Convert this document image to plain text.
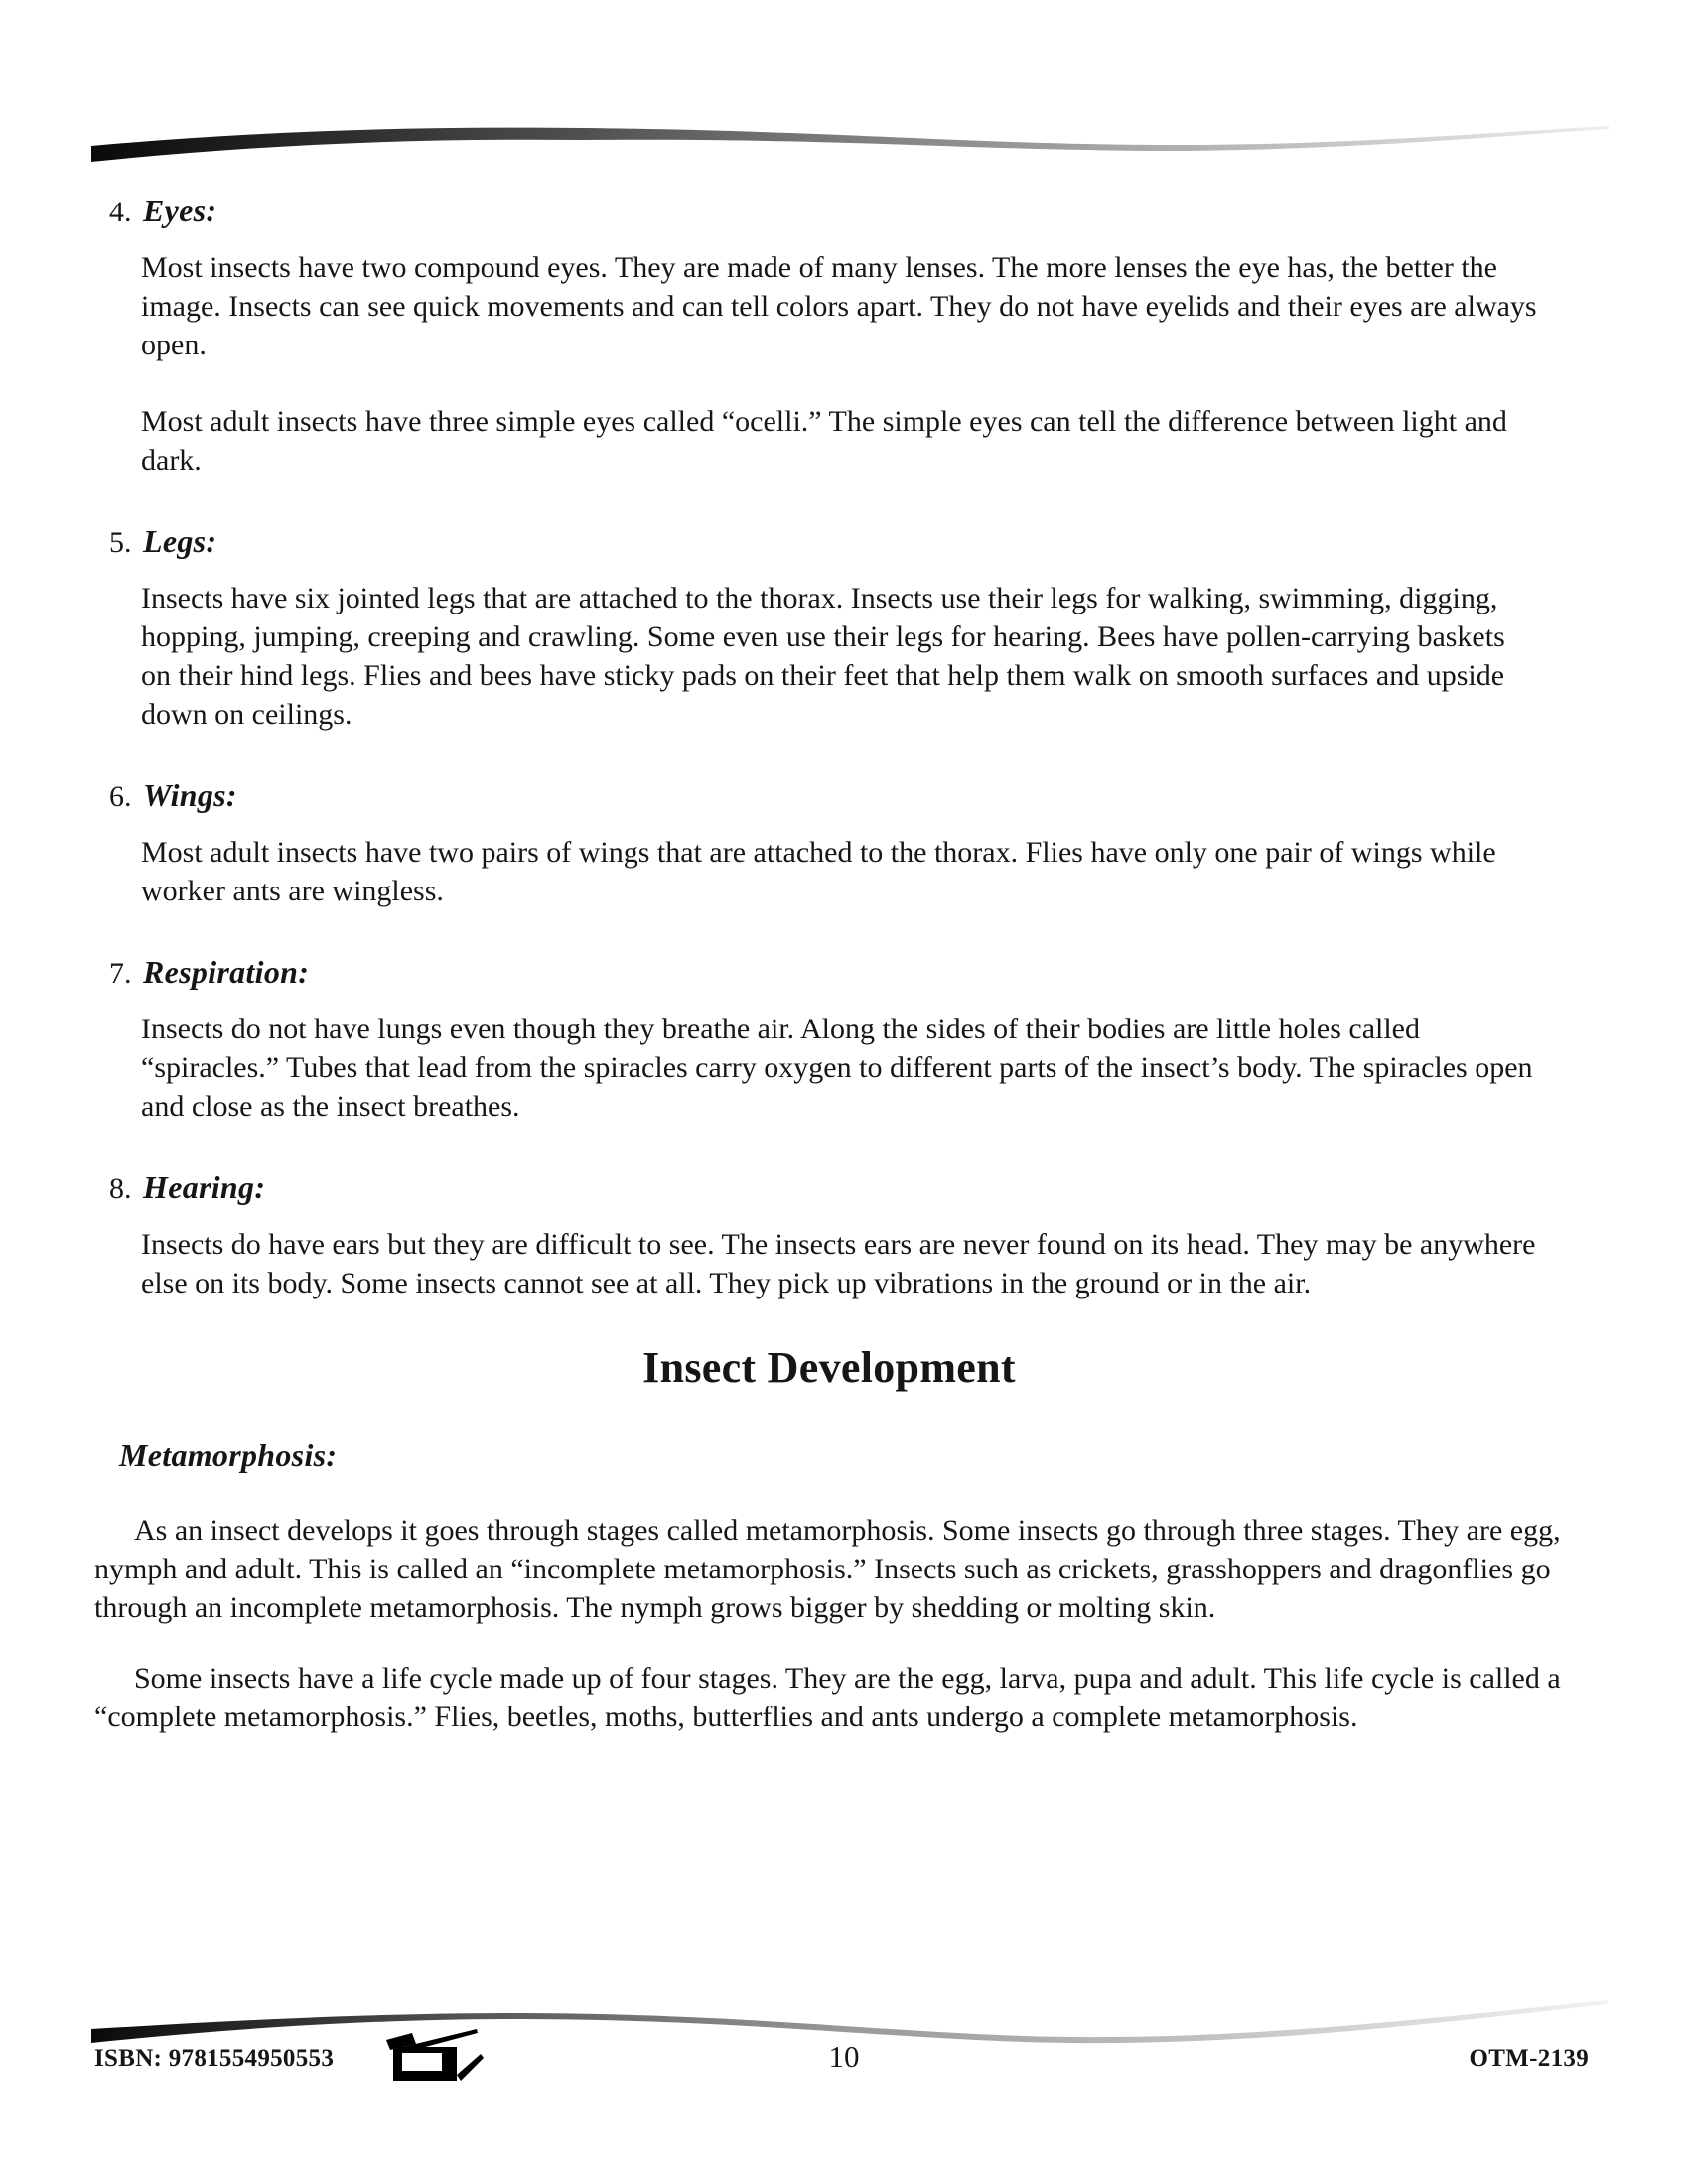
4. Eyes:

Most insects have two compound eyes. They are made of many lenses. The more lenses the eye has, the better the image. Insects can see quick movements and can tell colors apart. They do not have eyelids and their eyes are always open.

Most adult insects have three simple eyes called “ocelli.” The simple eyes can tell the difference between light and dark.

5. Legs:

Insects have six jointed legs that are attached to the thorax. Insects use their legs for walking, swimming, digging, hopping, jumping, creeping and crawling. Some even use their legs for hearing. Bees have pollen-carrying baskets on their hind legs. Flies and bees have sticky pads on their feet that help them walk on smooth surfaces and upside down on ceilings.

6. Wings:

Most adult insects have two pairs of wings that are attached to the thorax. Flies have only one pair of wings while worker ants are wingless.

7. Respiration:

Insects do not have lungs even though they breathe air. Along the sides of their bodies are little holes called “spiracles.” Tubes that lead from the spiracles carry oxygen to different parts of the insect’s body. The spiracles open and close as the insect breathes.

8. Hearing:

Insects do have ears but they are difficult to see. The insects ears are never found on its head. They may be anywhere else on its body. Some insects cannot see at all. They pick up vibrations in the ground or in the air.

Insect Development
Metamorphosis:

As an insect develops it goes through stages called metamorphosis. Some insects go through three stages. They are egg, nymph and adult. This is called an “incomplete metamorphosis.” Insects such as crickets, grasshoppers and dragonflies go through an incomplete metamorphosis. The nymph grows bigger by shedding or molting skin.

Some insects have a life cycle made up of four stages. They are the egg, larva, pupa and adult. This life cycle is called a “complete metamorphosis.” Flies, beetles, moths, butterflies and ants undergo a complete metamorphosis.

ISBN: 9781554950553	10	OTM-2139
